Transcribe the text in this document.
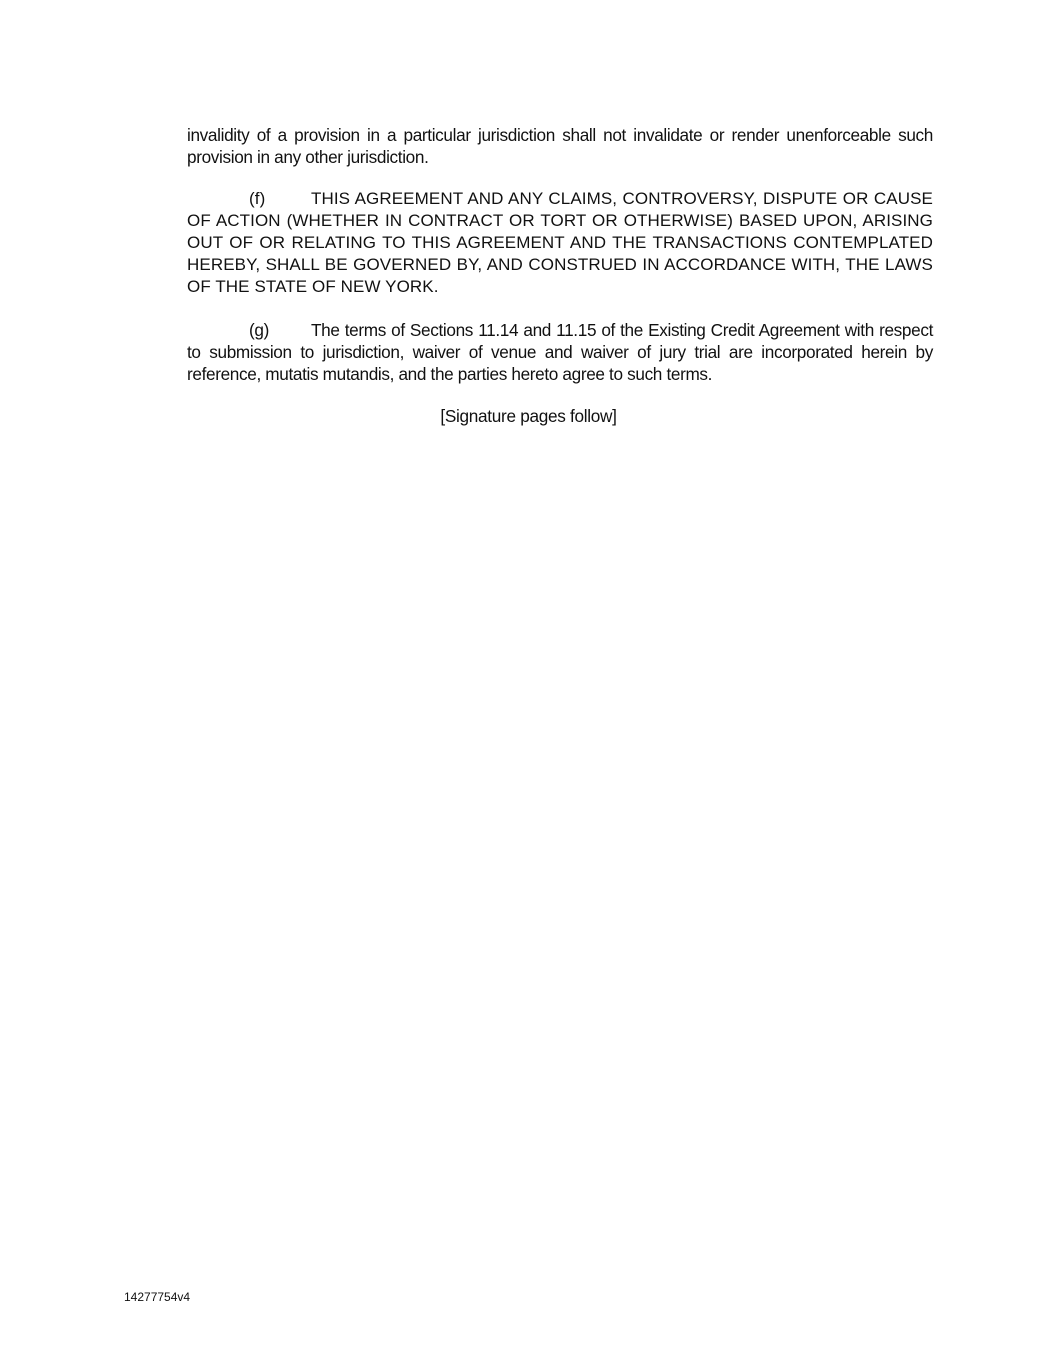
invalidity of a provision in a particular jurisdiction shall not invalidate or render unenforceable such provision in any other jurisdiction.
(f)	THIS AGREEMENT AND ANY CLAIMS, CONTROVERSY, DISPUTE OR CAUSE OF ACTION (WHETHER IN CONTRACT OR TORT OR OTHERWISE) BASED UPON, ARISING OUT OF OR RELATING TO THIS AGREEMENT AND THE TRANSACTIONS CONTEMPLATED HEREBY, SHALL BE GOVERNED BY, AND CONSTRUED IN ACCORDANCE WITH, THE LAWS OF THE STATE OF NEW YORK.
(g) The terms of Sections 11.14 and 11.15 of the Existing Credit Agreement with respect to submission to jurisdiction, waiver of venue and waiver of jury trial are incorporated herein by reference, mutatis mutandis, and the parties hereto agree to such terms.
[Signature pages follow]
14277754v4
